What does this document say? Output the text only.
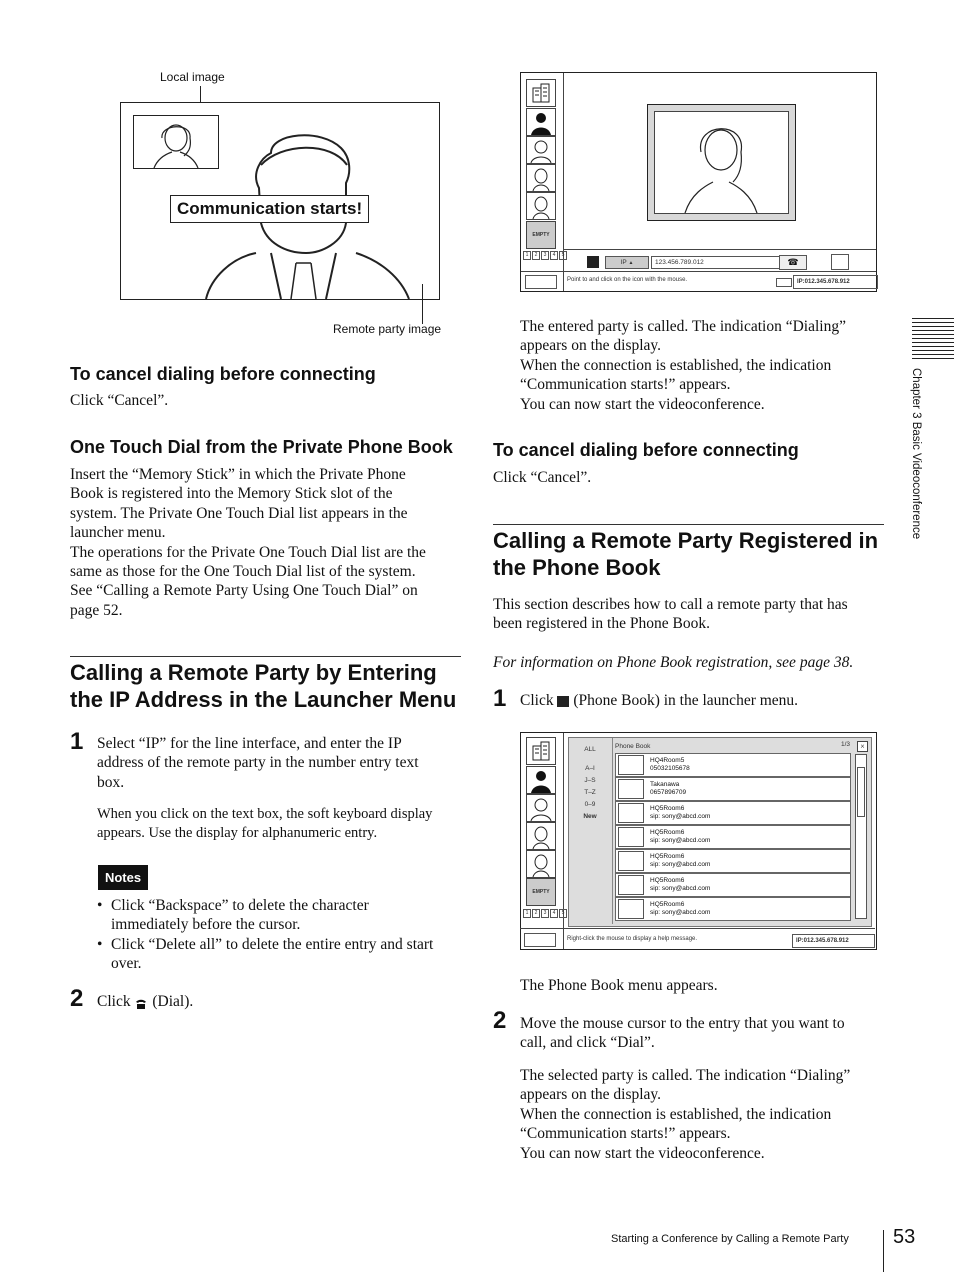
Local image
Communication starts!
Remote party image
To cancel dialing before connecting
Click “Cancel”.
One Touch Dial from the Private Phone Book
Insert the “Memory Stick” in which the Private Phone
Book is registered into the Memory Stick slot of the
system. The Private One Touch Dial list appears in the
launcher menu.
The operations for the Private One Touch Dial list are the
same as those for the One Touch Dial list of the system.
See “Calling a Remote Party Using One Touch Dial” on
page 52.
Calling a Remote Party by Entering
the IP Address in the Launcher Menu
1 Select “IP” for the line interface, and enter the IP
address of the remote party in the number entry text
box.
When you click on the text box, the soft keyboard display
appears. Use the display for alphanumeric entry.
Notes
• Click “Backspace” to delete the character
immediately before the cursor.
• Click “Delete all” to delete the entire entry and start
over.
2 Click (Dial).
EMPTY
1 2 3 4 5
IP ▲	123.456.789.012	☎
Point to and click on the icon with the mouse.	IP:012.345.678.912
The entered party is called. The indication “Dialing”
appears on the display.
When the connection is established, the indication
“Communication starts!” appears.
You can now start the videoconference.
To cancel dialing before connecting
Click “Cancel”.
Calling a Remote Party Registered in
the Phone Book
This section describes how to call a remote party that has
been registered in the Phone Book.
For information on Phone Book registration, see page 38.
1 Click (Phone Book) in the launcher menu.
EMPTY
1 2 3 4 5
ALL
A–I
J–S
T–Z
0–9
New
Phone Book	1/3	×
HQ4Room5
05032105678
Takanawa
0657896709
HQ5Room6
sip: sony@abcd.com
HQ5Room6
sip: sony@abcd.com
HQ5Room6
sip: sony@abcd.com
HQ5Room6
sip: sony@abcd.com
HQ5Room6
sip: sony@abcd.com
Right-click the mouse to display a help message.	IP:012.345.678.912
The Phone Book menu appears.
2 Move the mouse cursor to the entry that you want to
call, and click “Dial”.
The selected party is called. The indication “Dialing”
appears on the display.
When the connection is established, the indication
“Communication starts!” appears.
You can now start the videoconference.
Chapter 3 Basic Videoconference
Starting a Conference by Calling a Remote Party 53
